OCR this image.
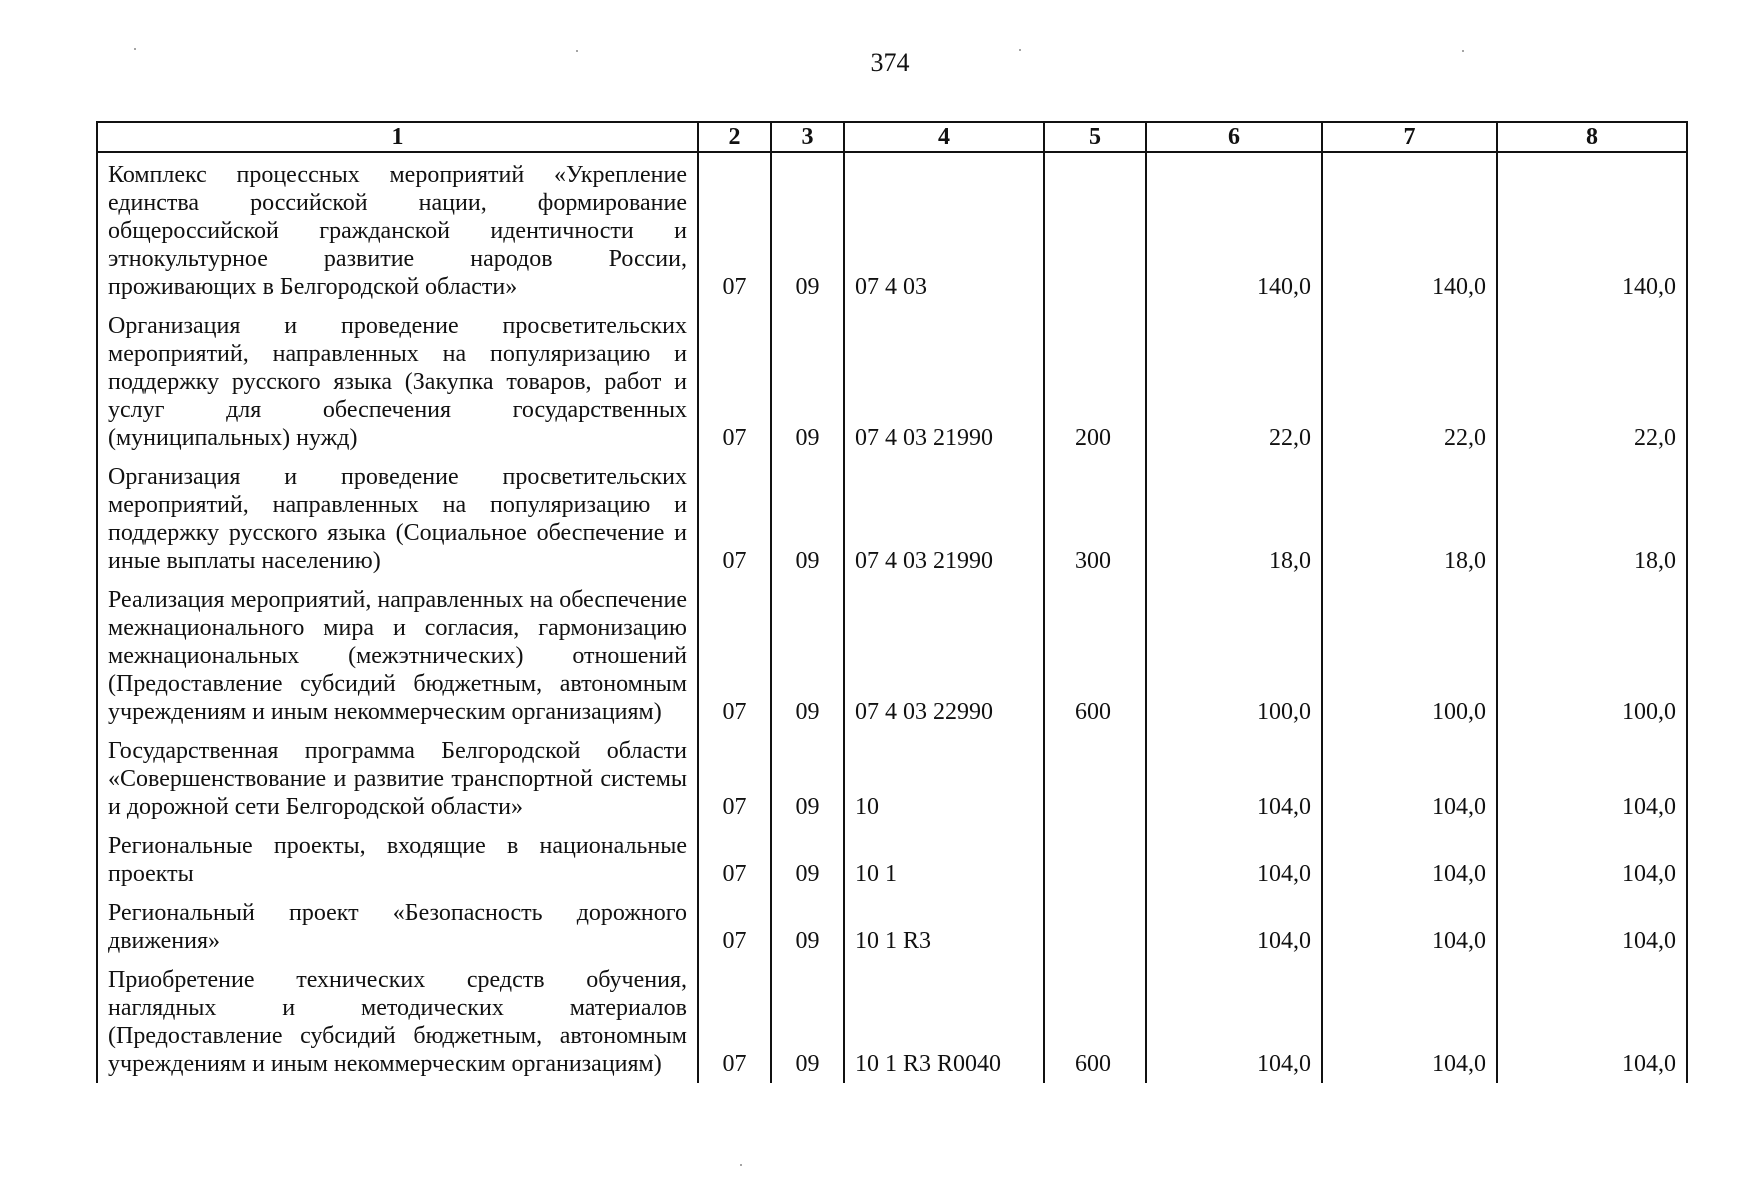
374
1	2	3	4	5	6	7	8
Комплекс процессных мероприятий «Укрепление единства российской нации, формирование общероссийской гражданской идентичности и этнокультурное развитие народов России, проживающих в Белгородской области»	07	09	07 4 03		140,0	140,0	140,0
Организация и проведение просветительских мероприятий, направленных на популяризацию и поддержку русского языка (Закупка товаров, работ и услуг для обеспечения государственных (муниципальных) нужд)	07	09	07 4 03 21990	200	22,0	22,0	22,0
Организация и проведение просветительских мероприятий, направленных на популяризацию и поддержку русского языка (Социальное обеспечение и иные выплаты населению)	07	09	07 4 03 21990	300	18,0	18,0	18,0
Реализация мероприятий, направленных на обеспечение межнационального мира и согласия, гармонизацию межнациональных (межэтнических) отношений (Предоставление субсидий бюджетным, автономным учреждениям и иным некоммерческим организациям)	07	09	07 4 03 22990	600	100,0	100,0	100,0
Государственная программа Белгородской области «Совершенствование и развитие транспортной системы и дорожной сети Белгородской области»	07	09	10		104,0	104,0	104,0
Региональные проекты, входящие в национальные проекты	07	09	10 1		104,0	104,0	104,0
Региональный проект «Безопасность дорожного движения»	07	09	10 1 R3		104,0	104,0	104,0
Приобретение технических средств обучения, наглядных и методических материалов (Предоставление субсидий бюджетным, автономным учреждениям и иным некоммерческим организациям)	07	09	10 1 R3 R0040	600	104,0	104,0	104,0
